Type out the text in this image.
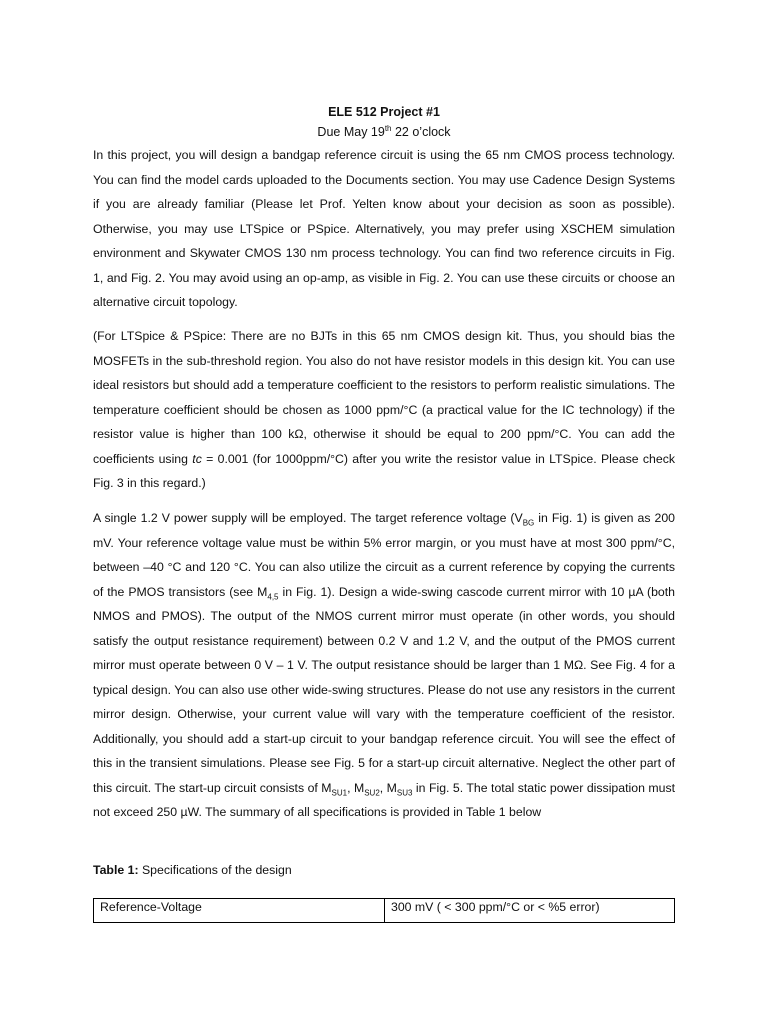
ELE 512 Project #1
Due May 19th 22 o’clock
In this project, you will design a bandgap reference circuit is using the 65 nm CMOS process technology. You can find the model cards uploaded to the Documents section. You may use Cadence Design Systems if you are already familiar (Please let Prof. Yelten know about your decision as soon as possible). Otherwise, you may use LTSpice or PSpice. Alternatively, you may prefer using XSCHEM simulation environment and Skywater CMOS 130 nm process technology. You can find two reference circuits in Fig. 1, and Fig. 2. You may avoid using an op-amp, as visible in Fig. 2. You can use these circuits or choose an alternative circuit topology.
(For LTSpice & PSpice: There are no BJTs in this 65 nm CMOS design kit. Thus, you should bias the MOSFETs in the sub-threshold region. You also do not have resistor models in this design kit. You can use ideal resistors but should add a temperature coefficient to the resistors to perform realistic simulations. The temperature coefficient should be chosen as 1000 ppm/°C (a practical value for the IC technology) if the resistor value is higher than 100 kΩ, otherwise it should be equal to 200 ppm/°C. You can add the coefficients using tc = 0.001 (for 1000ppm/°C) after you write the resistor value in LTSpice. Please check Fig. 3 in this regard.)
A single 1.2 V power supply will be employed. The target reference voltage ($V_{BG}$ in Fig. 1) is given as 200 mV. Your reference voltage value must be within 5% error margin, or you must have at most 300 ppm/°C, between –40 °C and 120 °C. You can also utilize the circuit as a current reference by copying the currents of the PMOS transistors (see $M_{4,5}$ in Fig. 1). Design a wide-swing cascode current mirror with 10 µA (both NMOS and PMOS). The output of the NMOS current mirror must operate (in other words, you should satisfy the output resistance requirement) between 0.2 V and 1.2 V, and the output of the PMOS current mirror must operate between 0 V – 1 V. The output resistance should be larger than 1 MΩ. See Fig. 4 for a typical design. You can also use other wide-swing structures. Please do not use any resistors in the current mirror design. Otherwise, your current value will vary with the temperature coefficient of the resistor. Additionally, you should add a start-up circuit to your bandgap reference circuit. You will see the effect of this in the transient simulations. Please see Fig. 5 for a start-up circuit alternative. Neglect the other part of this circuit. The start-up circuit consists of $M_{SU1}$, $M_{SU2}$, $M_{SU3}$ in Fig. 5. The total static power dissipation must not exceed 250 µW. The summary of all specifications is provided in Table 1 below
Table 1: Specifications of the design
Reference-Voltage	300 mV ( < 300 ppm/°C or < %5 error)
